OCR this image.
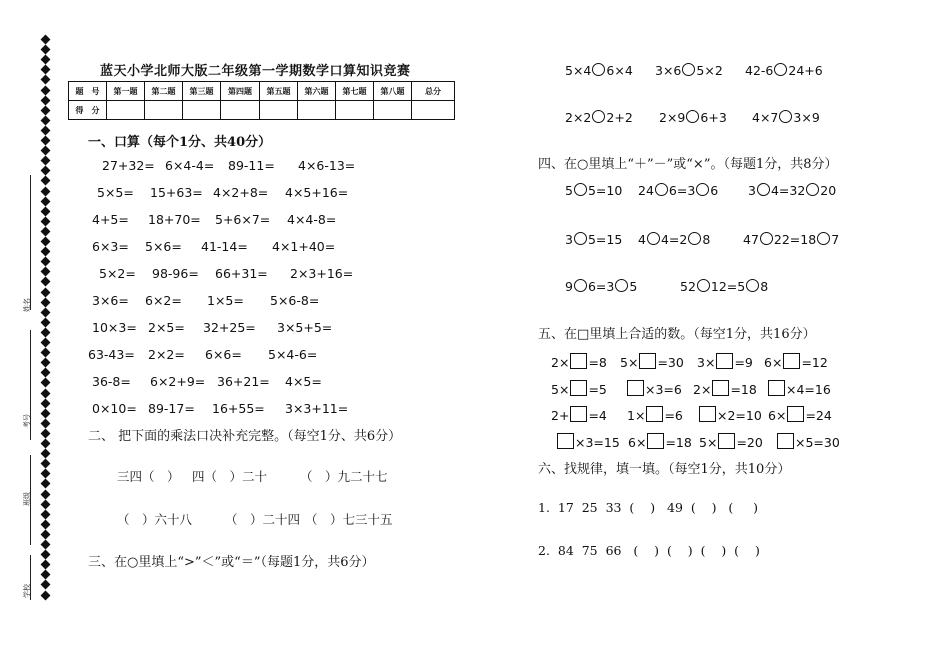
姓名
考号
班级
学校
蓝天小学北师大版二年级第一学期数学口算知识竞赛
题　号	第一题	第二题	第三题	第四题	第五题	第六题	第七题	第八题	总分
得　分									
一、口算（每个1分、共40分）
27+32= 6×4-4= 89-11= 4×6-13=
5×5= 15+63= 4×2+8= 4×5+16=
4+5= 18+70= 5+6×7= 4×4-8=
6×3= 5×6= 41-14= 4×1+40=
5×2= 98-96= 66+31= 2×3+16=
3×6= 6×2= 1×5= 5×6-8=
10×3= 2×5= 32+25= 3×5+5=
63-43= 2×2= 6×6= 5×4-6=
36-8= 6×2+9= 36+21= 4×5=
0×10= 89-17= 16+55= 3×3+11=
二、 把下面的乘法口决补充完整。（每空1分、共6分）
三四（　） 四（　）二十	（　）九二十七
（　）六十八	（　）二十四 （　）七三十五
三、在○里填上“>”＜”或“＝”（每题1分，共6分）
5×4 6×4 3×6 5×2 42-6 24+6
2×2 2+2 2×9 6+3 4×7 3×9
四、在○里填上“＋”－”或“×”。（每题1分，共8分）
5 5=10 24 6=3 6 3 4=32 20
3 5=15 4 4=2 8	47 22=18 7
9 6=3 5	52 12=5 8
五、在□里填上合适的数。（每空1分，共16分）
2× =8 5× =30 3× =9 6× =12
5× =5	×3=6 2× =18	×4=16
2+ =4 1× =6	×2=10 6× =24
×3=15 6× =18 5× =20	×5=30
六、找规律，填一填。（每空1分，共10分）
1.  17  25  33  (    )   49  (    )   (     )
2.  84  75  66   (    )  (    )  (    )  (    )
